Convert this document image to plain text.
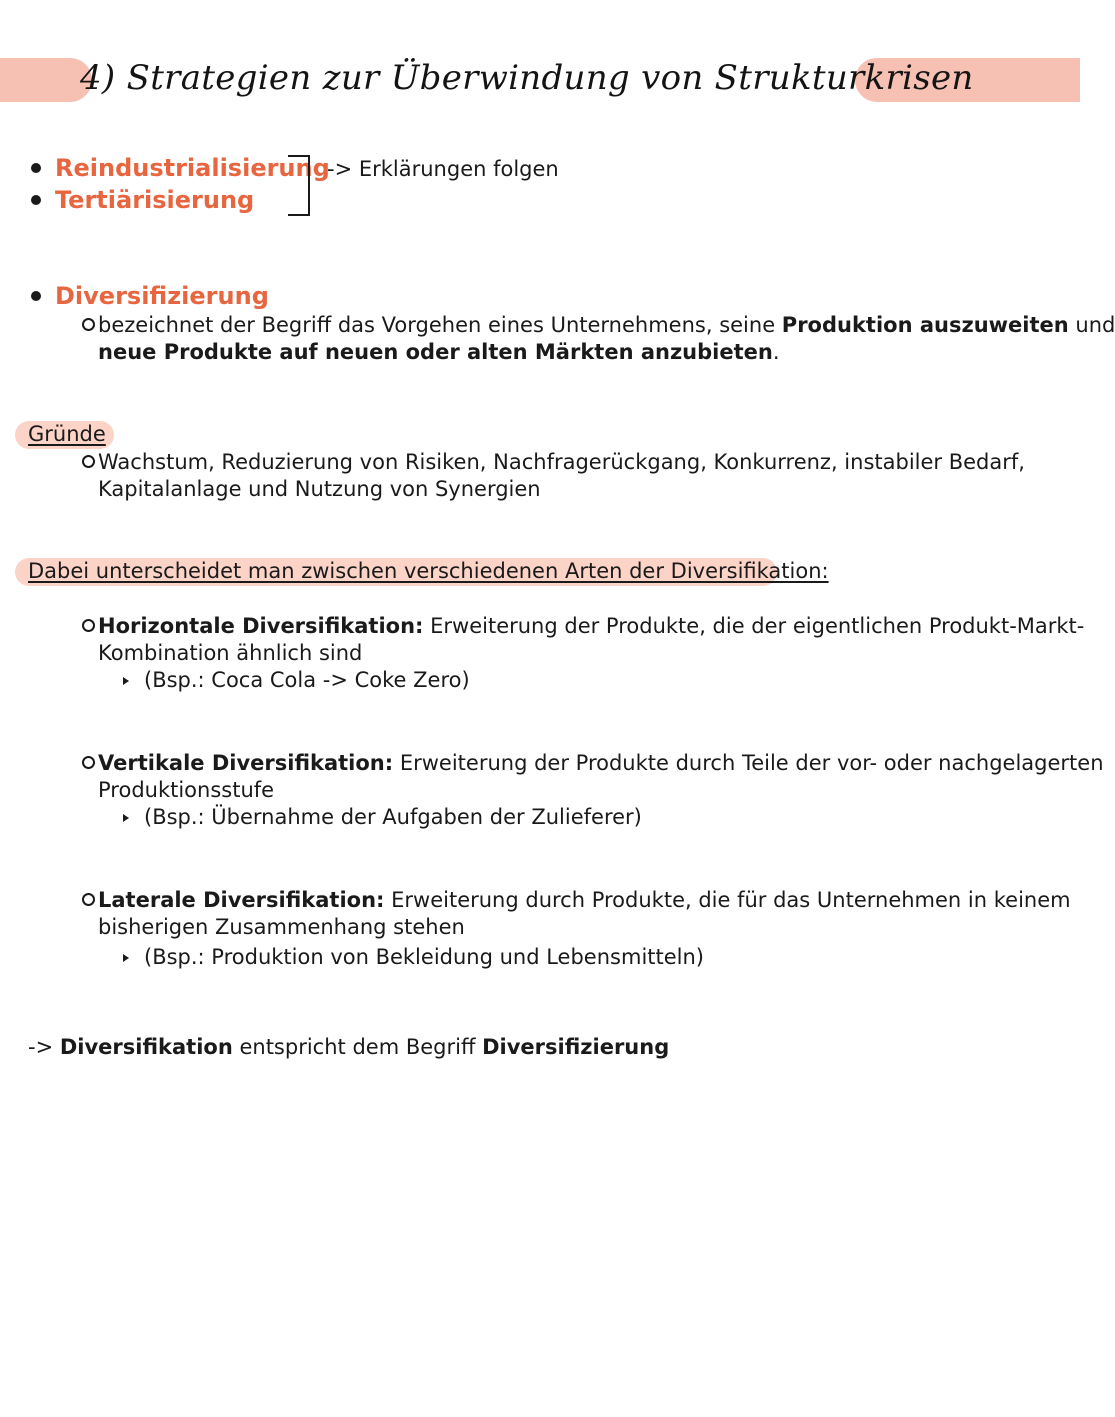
4) Strategien zur Überwindung von Strukturkrisen
Reindustrialisierung
Tertiärisierung
-> Erklärungen folgen
Diversifizierung
bezeichnet der Begriff das Vorgehen eines Unternehmens, seine Produktion auszuweiten und
neue Produkte auf neuen oder alten Märkten anzubieten.
Gründe
Wachstum, Reduzierung von Risiken, Nachfragerückgang, Konkurrenz, instabiler Bedarf,
Kapitalanlage und Nutzung von Synergien
Dabei unterscheidet man zwischen verschiedenen Arten der Diversifikation:
Horizontale Diversifikation: Erweiterung der Produkte, die der eigentlichen Produkt-Markt-
Kombination ähnlich sind
(Bsp.: Coca Cola -> Coke Zero)
Vertikale Diversifikation: Erweiterung der Produkte durch Teile der vor- oder nachgelagerten
Produktionsstufe
(Bsp.: Übernahme der Aufgaben der Zulieferer)
Laterale Diversifikation: Erweiterung durch Produkte, die für das Unternehmen in keinem
bisherigen Zusammenhang stehen
(Bsp.: Produktion von Bekleidung und Lebensmitteln)
-> Diversifikation entspricht dem Begriff Diversifizierung
